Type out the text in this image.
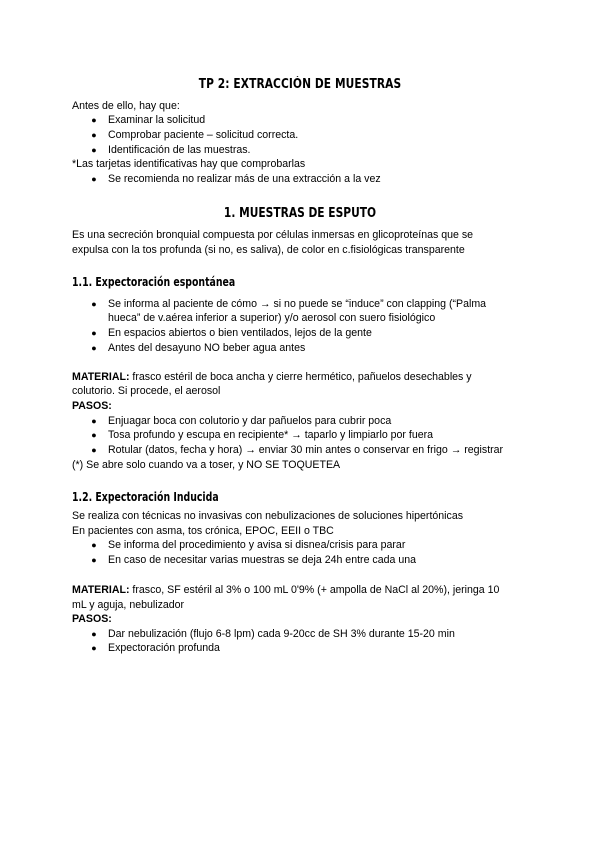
TP 2: EXTRACCIÓN DE MUESTRAS
Antes de ello, hay que:
● Examinar la solicitud
● Comprobar paciente – solicitud correcta.
● Identificación de las muestras.
*Las tarjetas identificativas hay que comprobarlas
● Se recomienda no realizar más de una extracción a la vez
1. MUESTRAS DE ESPUTO
Es una secreción bronquial compuesta por células inmersas en glicoproteínas que se
expulsa con la tos profunda (si no, es saliva), de color en c.fisiológicas transparente
1.1. Expectoración espontánea
● Se informa al paciente de cómo → si no puede se “induce” con clapping (“Palma
hueca” de v.aérea inferior a superior) y/o aerosol con suero fisiológico
● En espacios abiertos o bien ventilados, lejos de la gente
● Antes del desayuno NO beber agua antes
MATERIAL: frasco estéril de boca ancha y cierre hermético, pañuelos desechables y
colutorio. Si procede, el aerosol
PASOS:
● Enjuagar boca con colutorio y dar pañuelos para cubrir poca
● Tosa profundo y escupa en recipiente* → taparlo y limpiarlo por fuera
● Rotular (datos, fecha y hora) → enviar 30 min antes o conservar en frigo → registrar
(*) Se abre solo cuando va a toser, y NO SE TOQUETEA
1.2. Expectoración Inducida
Se realiza con técnicas no invasivas con nebulizaciones de soluciones hipertónicas
En pacientes con asma, tos crónica, EPOC, EEII o TBC
● Se informa del procedimiento y avisa si disnea/crisis para parar
● En caso de necesitar varias muestras se deja 24h entre cada una
MATERIAL: frasco, SF estéril al 3% o 100 mL 0'9% (+ ampolla de NaCl al 20%), jeringa 10
mL y aguja, nebulizador
PASOS:
● Dar nebulización (flujo 6-8 lpm) cada 9-20cc de SH 3% durante 15-20 min
● Expectoración profunda
